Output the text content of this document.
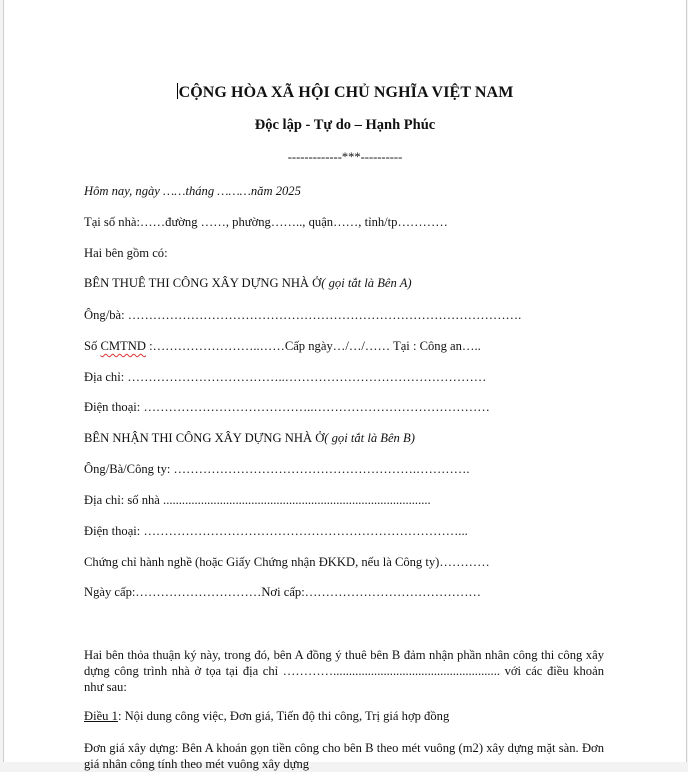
CỘNG HÒA XÃ HỘI CHỦ NGHĨA VIỆT NAM
Độc lập - Tự do – Hạnh Phúc
-------------***----------
Hôm nay, ngày ……tháng ………năm 2025
Tại số nhà:……đường ……, phường…….., quận……, tỉnh/tp…………
Hai bên gồm có:
BÊN THUÊ THI CÔNG XÂY DỰNG NHÀ Ở( gọi tắt là Bên A)
Ông/bà: ………………………………………………………………………………….
Số CMTND :……………………..……Cấp ngày…/…/…… Tại : Công an…..
Địa chỉ: ………………………………..…………………………………………
Điện thoại: …………………………………..……………………………………
BÊN NHẬN THI CÔNG XÂY DỰNG NHÀ Ở( gọi tắt là Bên B)
Ông/Bà/Công ty: ………………………………………………….………….
Địa chỉ: số nhà .....................................................................................
Điện thoại: …………………………………………………………………...
Chứng chỉ hành nghề (hoặc Giấy Chứng nhận ĐKKD, nếu là Công ty)…………
Ngày cấp:…………………………Nơi cấp:……………………………………
Hai bên thỏa thuận ký này, trong đó, bên A đồng ý thuê bên B đảm nhận phần nhân công thi công xây dựng công trình nhà ở tọa tại địa chỉ …………..................................................... với các điều khoản như sau:
Điều 1: Nội dung công việc, Đơn giá, Tiến độ thi công, Trị giá hợp đồng
Đơn giá xây dựng: Bên A khoán gọn tiền công cho bên B theo mét vuông (m2) xây dựng mặt sàn. Đơn giá nhân công tính theo mét vuông xây dựng
